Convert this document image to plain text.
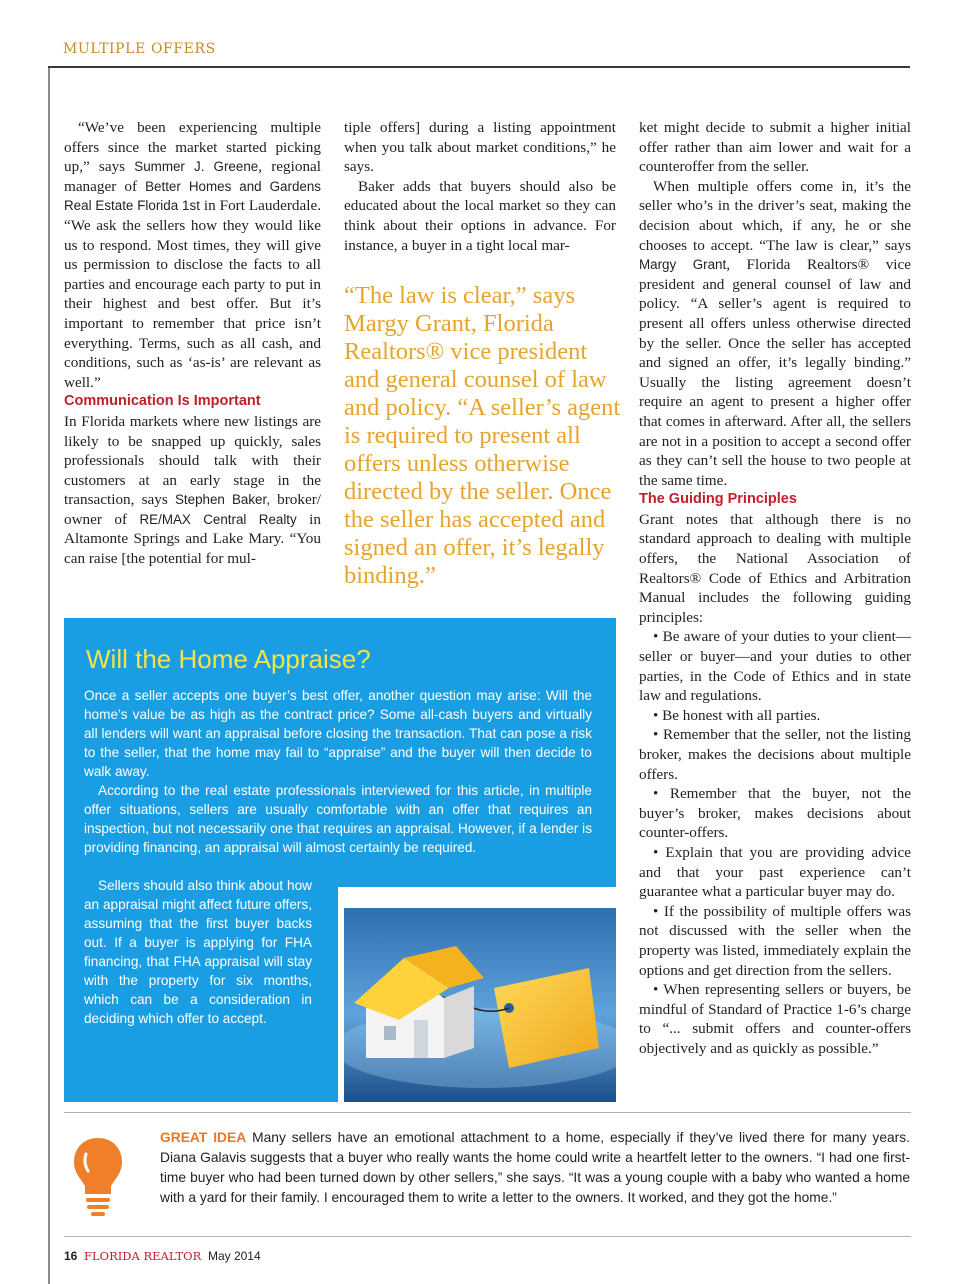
MULTIPLE OFFERS

“We’ve been experiencing multiple offers since the market started picking up,” says Summer J. Greene, regional manager of Better Homes and Gardens Real Estate Florida 1st in Fort Lauderdale. “We ask the sellers how they would like us to respond. Most times, they will give us permission to disclose the facts to all parties and encourage each party to put in their highest and best offer. But it’s important to remember that price isn’t everything. Terms, such as all cash, and conditions, such as ‘as-is’ are relevant as well.”

Communication Is Important

In Florida markets where new listings are likely to be snapped up quickly, sales professionals should talk with their customers at an early stage in the transaction, says Stephen Baker, broker/ owner of RE/MAX Central Realty in Altamonte Springs and Lake Mary. “You can raise [the potential for mul-

tiple offers] during a listing appointment when you talk about market conditions,” he says.

Baker adds that buyers should also be educated about the local market so they can think about their options in advance. For instance, a buyer in a tight local mar-

“The law is clear,” says Margy Grant, Florida Realtors® vice president and general counsel of law and policy. “A seller’s agent is required to present all offers unless otherwise directed by the seller. Once the seller has accepted and signed an offer, it’s legally binding.”

ket might decide to submit a higher initial offer rather than aim lower and wait for a counteroffer from the seller.

When multiple offers come in, it’s the seller who’s in the driver’s seat, making the decision about which, if any, he or she chooses to accept. “The law is clear,” says Margy Grant, Florida Realtors® vice president and general counsel of law and policy. “A seller’s agent is required to present all offers unless otherwise directed by the seller. Once the seller has accepted and signed an offer, it’s legally binding.” Usually the listing agreement doesn’t require an agent to present a higher offer that comes in afterward. After all, the sellers are not in a position to accept a second offer as they can’t sell the house to two people at the same time.

The Guiding Principles

Grant notes that although there is no standard approach to dealing with multiple offers, the National Association of Realtors® Code of Ethics and Arbitration Manual includes the following guiding principles:

• Be aware of your duties to your client—seller or buyer—and your duties to other parties, in the Code of Ethics and in state law and regulations.

• Be honest with all parties.

• Remember that the seller, not the listing broker, makes the decisions about multiple offers.

• Remember that the buyer, not the buyer’s broker, makes decisions about counter-offers.

• Explain that you are providing advice and that your past experience can’t guarantee what a particular buyer may do.

• If the possibility of multiple offers was not discussed with the seller when the property was listed, immediately explain the options and get direction from the sellers.

• When representing sellers or buyers, be mindful of Standard of Practice 1-6’s charge to “... submit offers and counter-offers objectively and as quickly as possible.”

Will the Home Appraise?

Once a seller accepts one buyer’s best offer, another question may arise: Will the home’s value be as high as the contract price? Some all-cash buyers and virtually all lenders will want an appraisal before closing the transaction. That can pose a risk to the seller, that the home may fail to “appraise” and the buyer will then decide to walk away.

According to the real estate professionals interviewed for this article, in multiple offer situations, sellers are usually comfortable with an offer that requires an inspection, but not necessarily one that requires an appraisal. However, if a lender is providing financing, an appraisal will almost certainly be required.

Sellers should also think about how an appraisal might affect future offers, assuming that the first buyer backs out. If a buyer is applying for FHA financing, that FHA appraisal will stay with the property for six months, which can be a consideration in deciding which offer to accept.

GREAT IDEA Many sellers have an emotional attachment to a home, especially if they’ve lived there for many years. Diana Galavis suggests that a buyer who really wants the home could write a heartfelt letter to the owners. “I had one first-time buyer who had been turned down by other sellers,” she says. “It was a young couple with a baby who wanted a home with a yard for their family. I encouraged them to write a letter to the owners. It worked, and they got the home.”
16 FLORIDA REALTOR May 2014
